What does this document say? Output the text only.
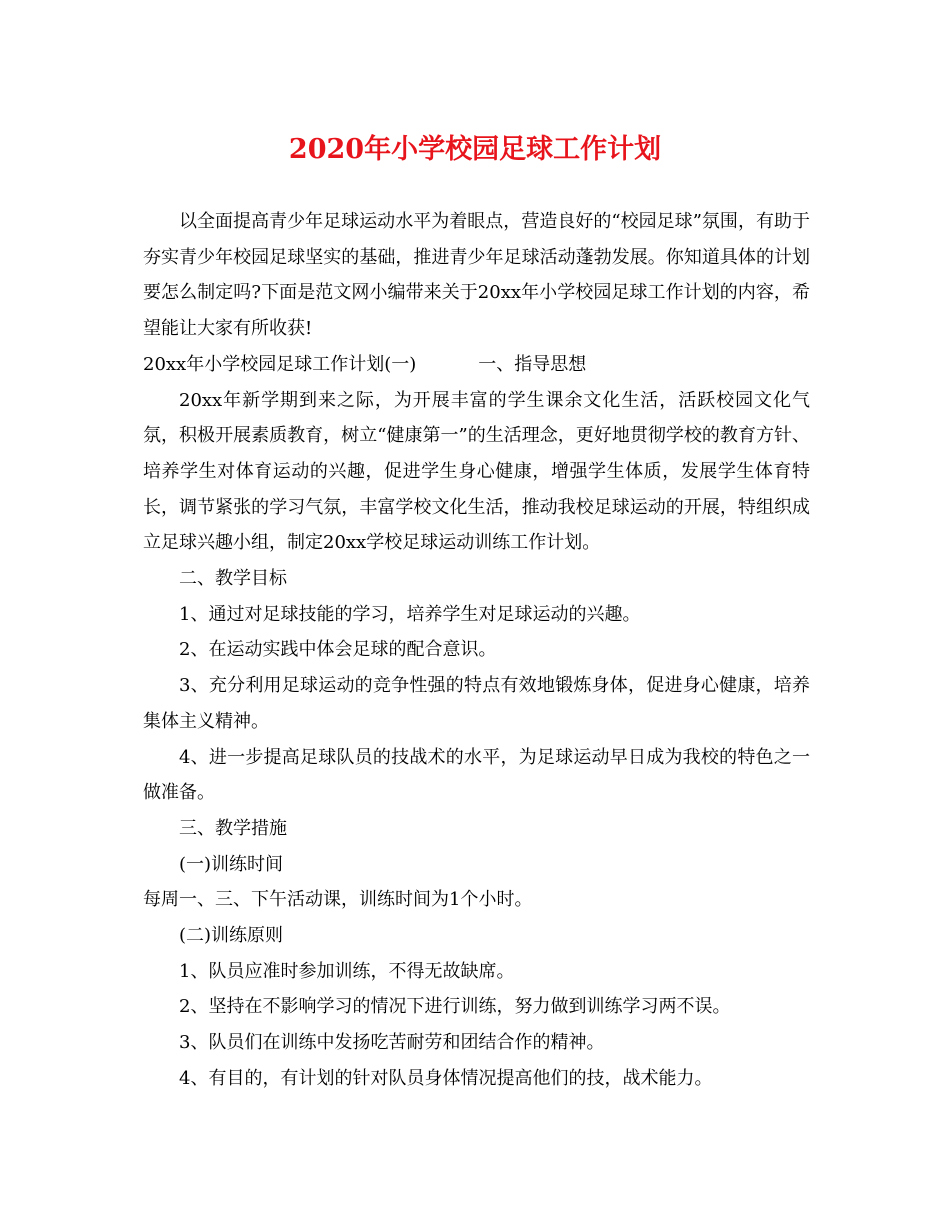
2020年小学校园足球工作计划

以全面提高青少年足球运动水平为着眼点，营造良好的“校园足球”氛围，有助于夯实青少年校园足球坚实的基础，推进青少年足球活动蓬勃发展。你知道具体的计划要怎么制定吗?下面是范文网小编带来关于20xx年小学校园足球工作计划的内容，希望能让大家有所收获!

20xx年小学校园足球工作计划(一)	一、指导思想

20xx年新学期到来之际，为开展丰富的学生课余文化生活，活跃校园文化气氛，积极开展素质教育，树立“健康第一”的生活理念，更好地贯彻学校的教育方针、培养学生对体育运动的兴趣，促进学生身心健康，增强学生体质，发展学生体育特长，调节紧张的学习气氛，丰富学校文化生活，推动我校足球运动的开展，特组织成立足球兴趣小组，制定20xx学校足球运动训练工作计划。

二、教学目标

1、通过对足球技能的学习，培养学生对足球运动的兴趣。

2、在运动实践中体会足球的配合意识。

3、充分利用足球运动的竞争性强的特点有效地锻炼身体，促进身心健康，培养集体主义精神。

4、进一步提高足球队员的技战术的水平，为足球运动早日成为我校的特色之一做准备。

三、教学措施

(一)训练时间

每周一、三、下午活动课，训练时间为1个小时。

(二)训练原则

1、队员应准时参加训练，不得无故缺席。

2、坚持在不影响学习的情况下进行训练，努力做到训练学习两不误。

3、队员们在训练中发扬吃苦耐劳和团结合作的精神。

4、有目的，有计划的针对队员身体情况提高他们的技，战术能力。
